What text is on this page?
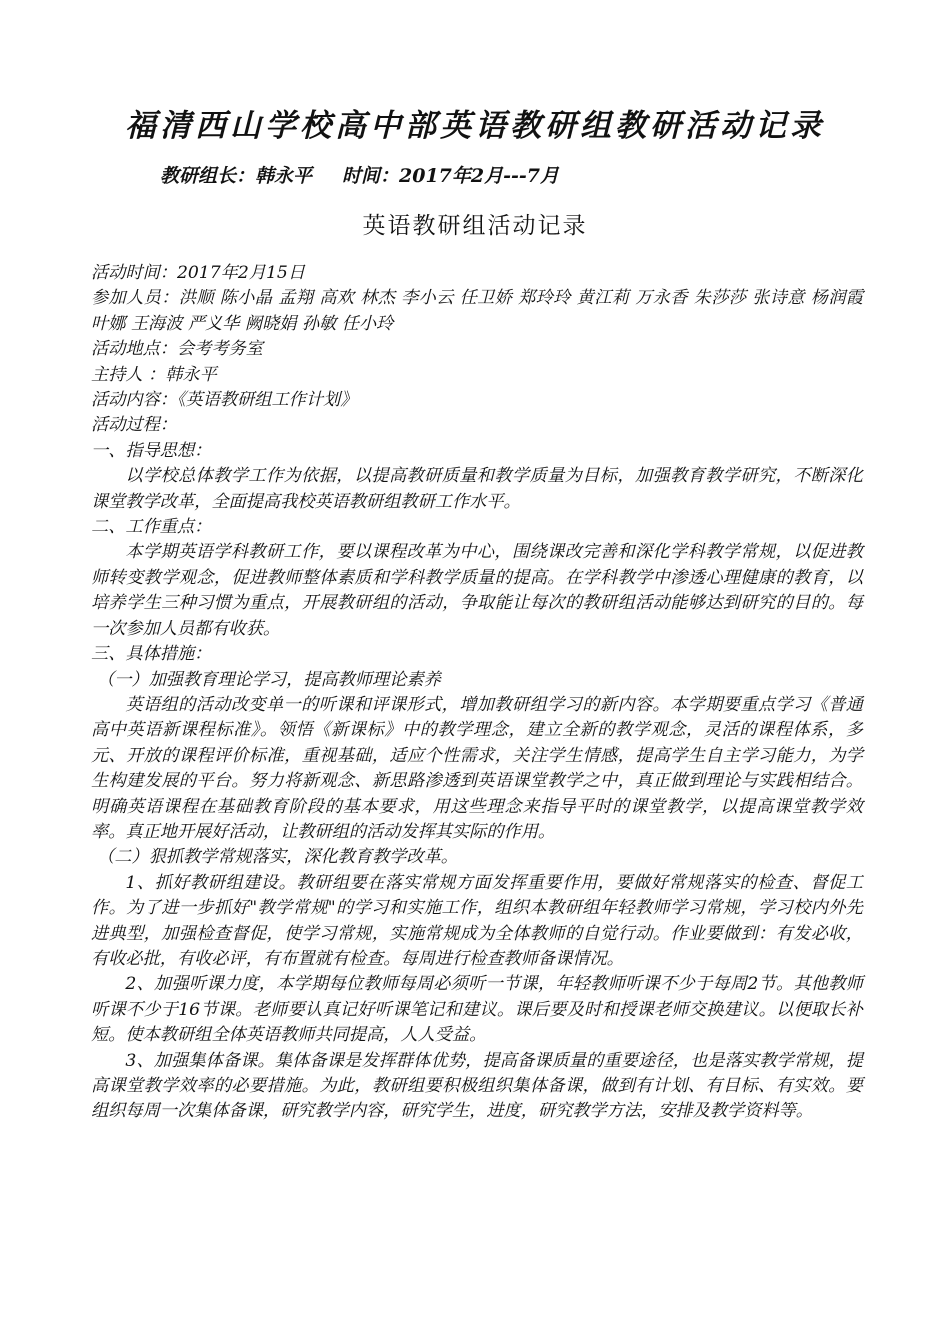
福清西山学校高中部英语教研组教研活动记录
教研组长：韩永平 时间：2017年2月---7月
英语教研组活动记录

活动时间：2017年2月15日

参加人员：洪顺 陈小晶 孟翔 高欢 林杰 李小云 任卫娇 郑玲玲 黄江莉 万永香 朱莎莎 张诗意 杨润霞 叶娜 王海波 严义华 阙晓娟 孙敏 任小玲

活动地点：会考考务室

主持人 ：韩永平

活动内容：《英语教研组工作计划》

活动过程：

一、指导思想：

以学校总体教学工作为依据，以提高教研质量和教学质量为目标，加强教育教学研究，不断深化课堂教学改革，全面提高我校英语教研组教研工作水平。

二、工作重点：

本学期英语学科教研工作，要以课程改革为中心，围绕课改完善和深化学科教学常规，以促进教师转变教学观念，促进教师整体素质和学科教学质量的提高。在学科教学中渗透心理健康的教育，以培养学生三种习惯为重点，开展教研组的活动，争取能让每次的教研组活动能够达到研究的目的。每一次参加人员都有收获。

三、具体措施：

（一）加强教育理论学习，提高教师理论素养

英语组的活动改变单一的听课和评课形式，增加教研组学习的新内容。本学期要重点学习《普通高中英语新课程标准》。领悟《新课标》中的教学理念，建立全新的教学观念，灵活的课程体系，多元、开放的课程评价标准，重视基础，适应个性需求，关注学生情感，提高学生自主学习能力，为学生构建发展的平台。努力将新观念、新思路渗透到英语课堂教学之中，真正做到理论与实践相结合。明确英语课程在基础教育阶段的基本要求，用这些理念来指导平时的课堂教学，以提高课堂教学效率。真正地开展好活动，让教研组的活动发挥其实际的作用。

（二）狠抓教学常规落实，深化教育教学改革。

1、抓好教研组建设。教研组要在落实常规方面发挥重要作用，要做好常规落实的检查、督促工作。为了进一步抓好"教学常规"的学习和实施工作，组织本教研组年轻教师学习常规，学习校内外先进典型，加强检查督促，使学习常规，实施常规成为全体教师的自觉行动。作业要做到：有发必收，有收必批，有收必评，有布置就有检查。每周进行检查教师备课情况。

2、加强听课力度，本学期每位教师每周必须听一节课，年轻教师听课不少于每周2节。其他教师听课不少于16节课。老师要认真记好听课笔记和建议。课后要及时和授课老师交换建议。以便取长补短。使本教研组全体英语教师共同提高，人人受益。

3、加强集体备课。集体备课是发挥群体优势，提高备课质量的重要途径，也是落实教学常规，提高课堂教学效率的必要措施。为此，教研组要积极组织集体备课，做到有计划、有目标、有实效。要组织每周一次集体备课，研究教学内容，研究学生，进度，研究教学方法，安排及教学资料等。
